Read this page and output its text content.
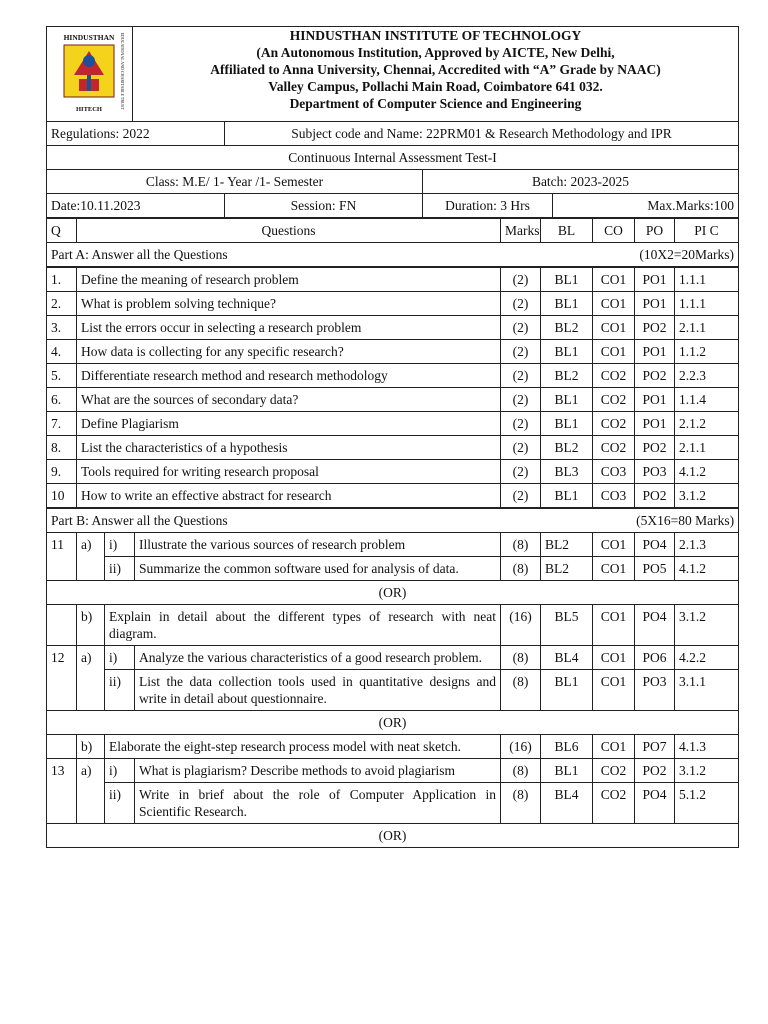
HINDUSTHAN EDUCATIONAL AND CHARITABLE TRUST
HITECH

HINDUSTHAN INSTITUTE OF TECHNOLOGY
(An Autonomous Institution, Approved by AICTE, New Delhi,
Affiliated to Anna University, Chennai, Accredited with “A” Grade by NAAC)
Valley Campus, Pollachi Main Road, Coimbatore 641 032.
Department of Computer Science and Engineering
Regulations: 2022	Subject code and Name: 22PRM01 & Research Methodology and IPR		
Continuous Internal Assessment Test-I			
Class: M.E/ 1- Year /1- Semester		Batch: 2023-2025	
Date:10.11.2023	Session: FN	Duration: 3 Hrs	Max.Marks:100
Q	Questions	Marks	BL	CO	PO	PI C
Part A: Answer all the Questions			(10X2=20Marks)			
1.	Define the meaning of research problem	(2)	BL1	CO1	PO1	1.1.1
2.	What is problem solving technique?	(2)	BL1	CO1	PO1	1.1.1
3.	List the errors occur in selecting a research problem	(2)	BL2	CO1	PO2	2.1.1
4.	How data is collecting for any specific research?	(2)	BL1	CO1	PO1	1.1.2
5.	Differentiate research method and research methodology	(2)	BL2	CO2	PO2	2.2.3
6.	What are the sources of secondary data?	(2)	BL1	CO2	PO1	1.1.4
7.	Define Plagiarism	(2)	BL1	CO2	PO1	2.1.2
8.	List the characteristics of a hypothesis	(2)	BL2	CO2	PO2	2.1.1
9.	Tools required for writing research proposal	(2)	BL3	CO3	PO3	4.1.2
10	How to write an effective abstract for research	(2)	BL1	CO3	PO2	3.1.2
Part B: Answer all the Questions					(5X16=80 Marks)			
11	a)	i)	Illustrate the various sources of research problem	(8)	BL2	CO1	PO4	2.1.3
		ii)	Summarize the common software used for analysis of data.	(8)	BL2	CO1	PO5	4.1.2
(OR)								
	b)	Explain in detail about the different types of research with neat diagram.		(16)	BL5	CO1	PO4	3.1.2
12	a)	i)	Analyze the various characteristics of a good research problem.	(8)	BL4	CO1	PO6	4.2.2
		ii)	List the data collection tools used in quantitative designs and write in detail about questionnaire.	(8)	BL1	CO1	PO3	3.1.1
(OR)								
	b)	Elaborate the eight-step research process model with neat sketch.		(16)	BL6	CO1	PO7	4.1.3
13	a)	i)	What is plagiarism? Describe methods to avoid plagiarism	(8)	BL1	CO2	PO2	3.1.2
		ii)	Write in brief about the role of Computer Application in Scientific Research.	(8)	BL4	CO2	PO4	5.1.2
(OR)								
